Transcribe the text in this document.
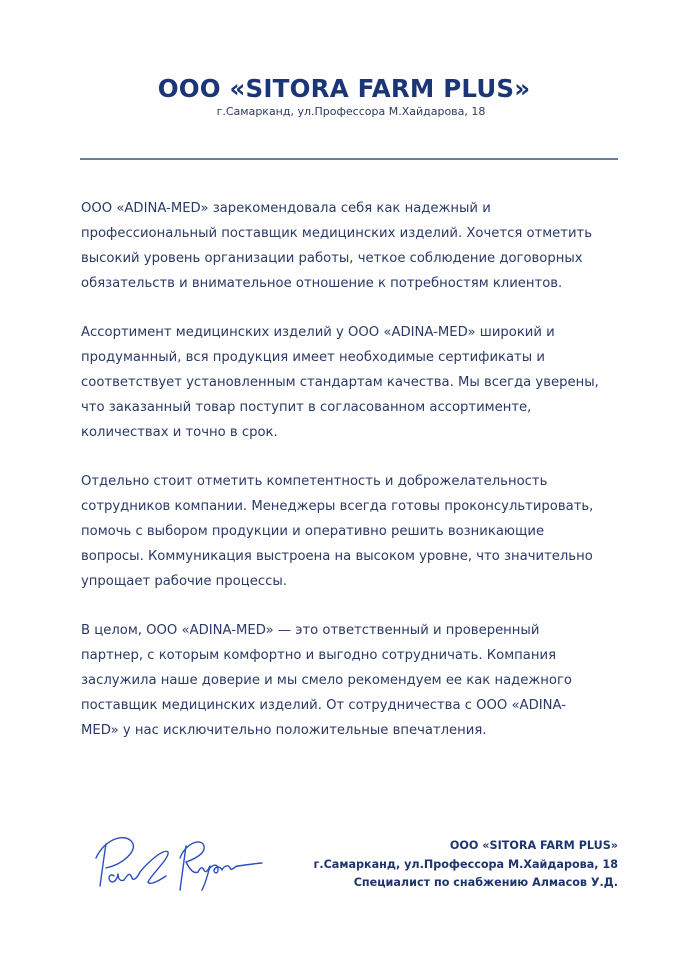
ООО «SITORA FARM PLUS»
г.Самарканд, ул.Профессора М.Хайдарова, 18

ООО «ADINA-MED» зарекомендовала себя как надежный и
профессиональный поставщик медицинских изделий. Хочется отметить
высокий уровень организации работы, четкое соблюдение договорных
обязательств и внимательное отношение к потребностям клиентов.

Ассортимент медицинских изделий у ООО «ADINA-MED» широкий и
продуманный, вся продукция имеет необходимые сертификаты и
соответствует установленным стандартам качества. Мы всегда уверены,
что заказанный товар поступит в согласованном ассортименте,
количествах и точно в срок.

Отдельно стоит отметить компетентность и доброжелательность
сотрудников компании. Менеджеры всегда готовы проконсультировать,
помочь с выбором продукции и оперативно решить возникающие
вопросы. Коммуникация выстроена на высоком уровне, что значительно
упрощает рабочие процессы.

В целом, ООО «ADINA-MED» — это ответственный и проверенный
партнер, с которым комфортно и выгодно сотрудничать. Компания
заслужила наше доверие и мы смело рекомендуем ее как надежного
поставщик медицинских изделий. От сотрудничества с ООО «ADINA-
MED» у нас исключительно положительные впечатления.

ООО «SITORA FARM PLUS»
г.Самарканд, ул.Профессора М.Хайдарова, 18
Специалист по снабжению Алмасов У.Д.
